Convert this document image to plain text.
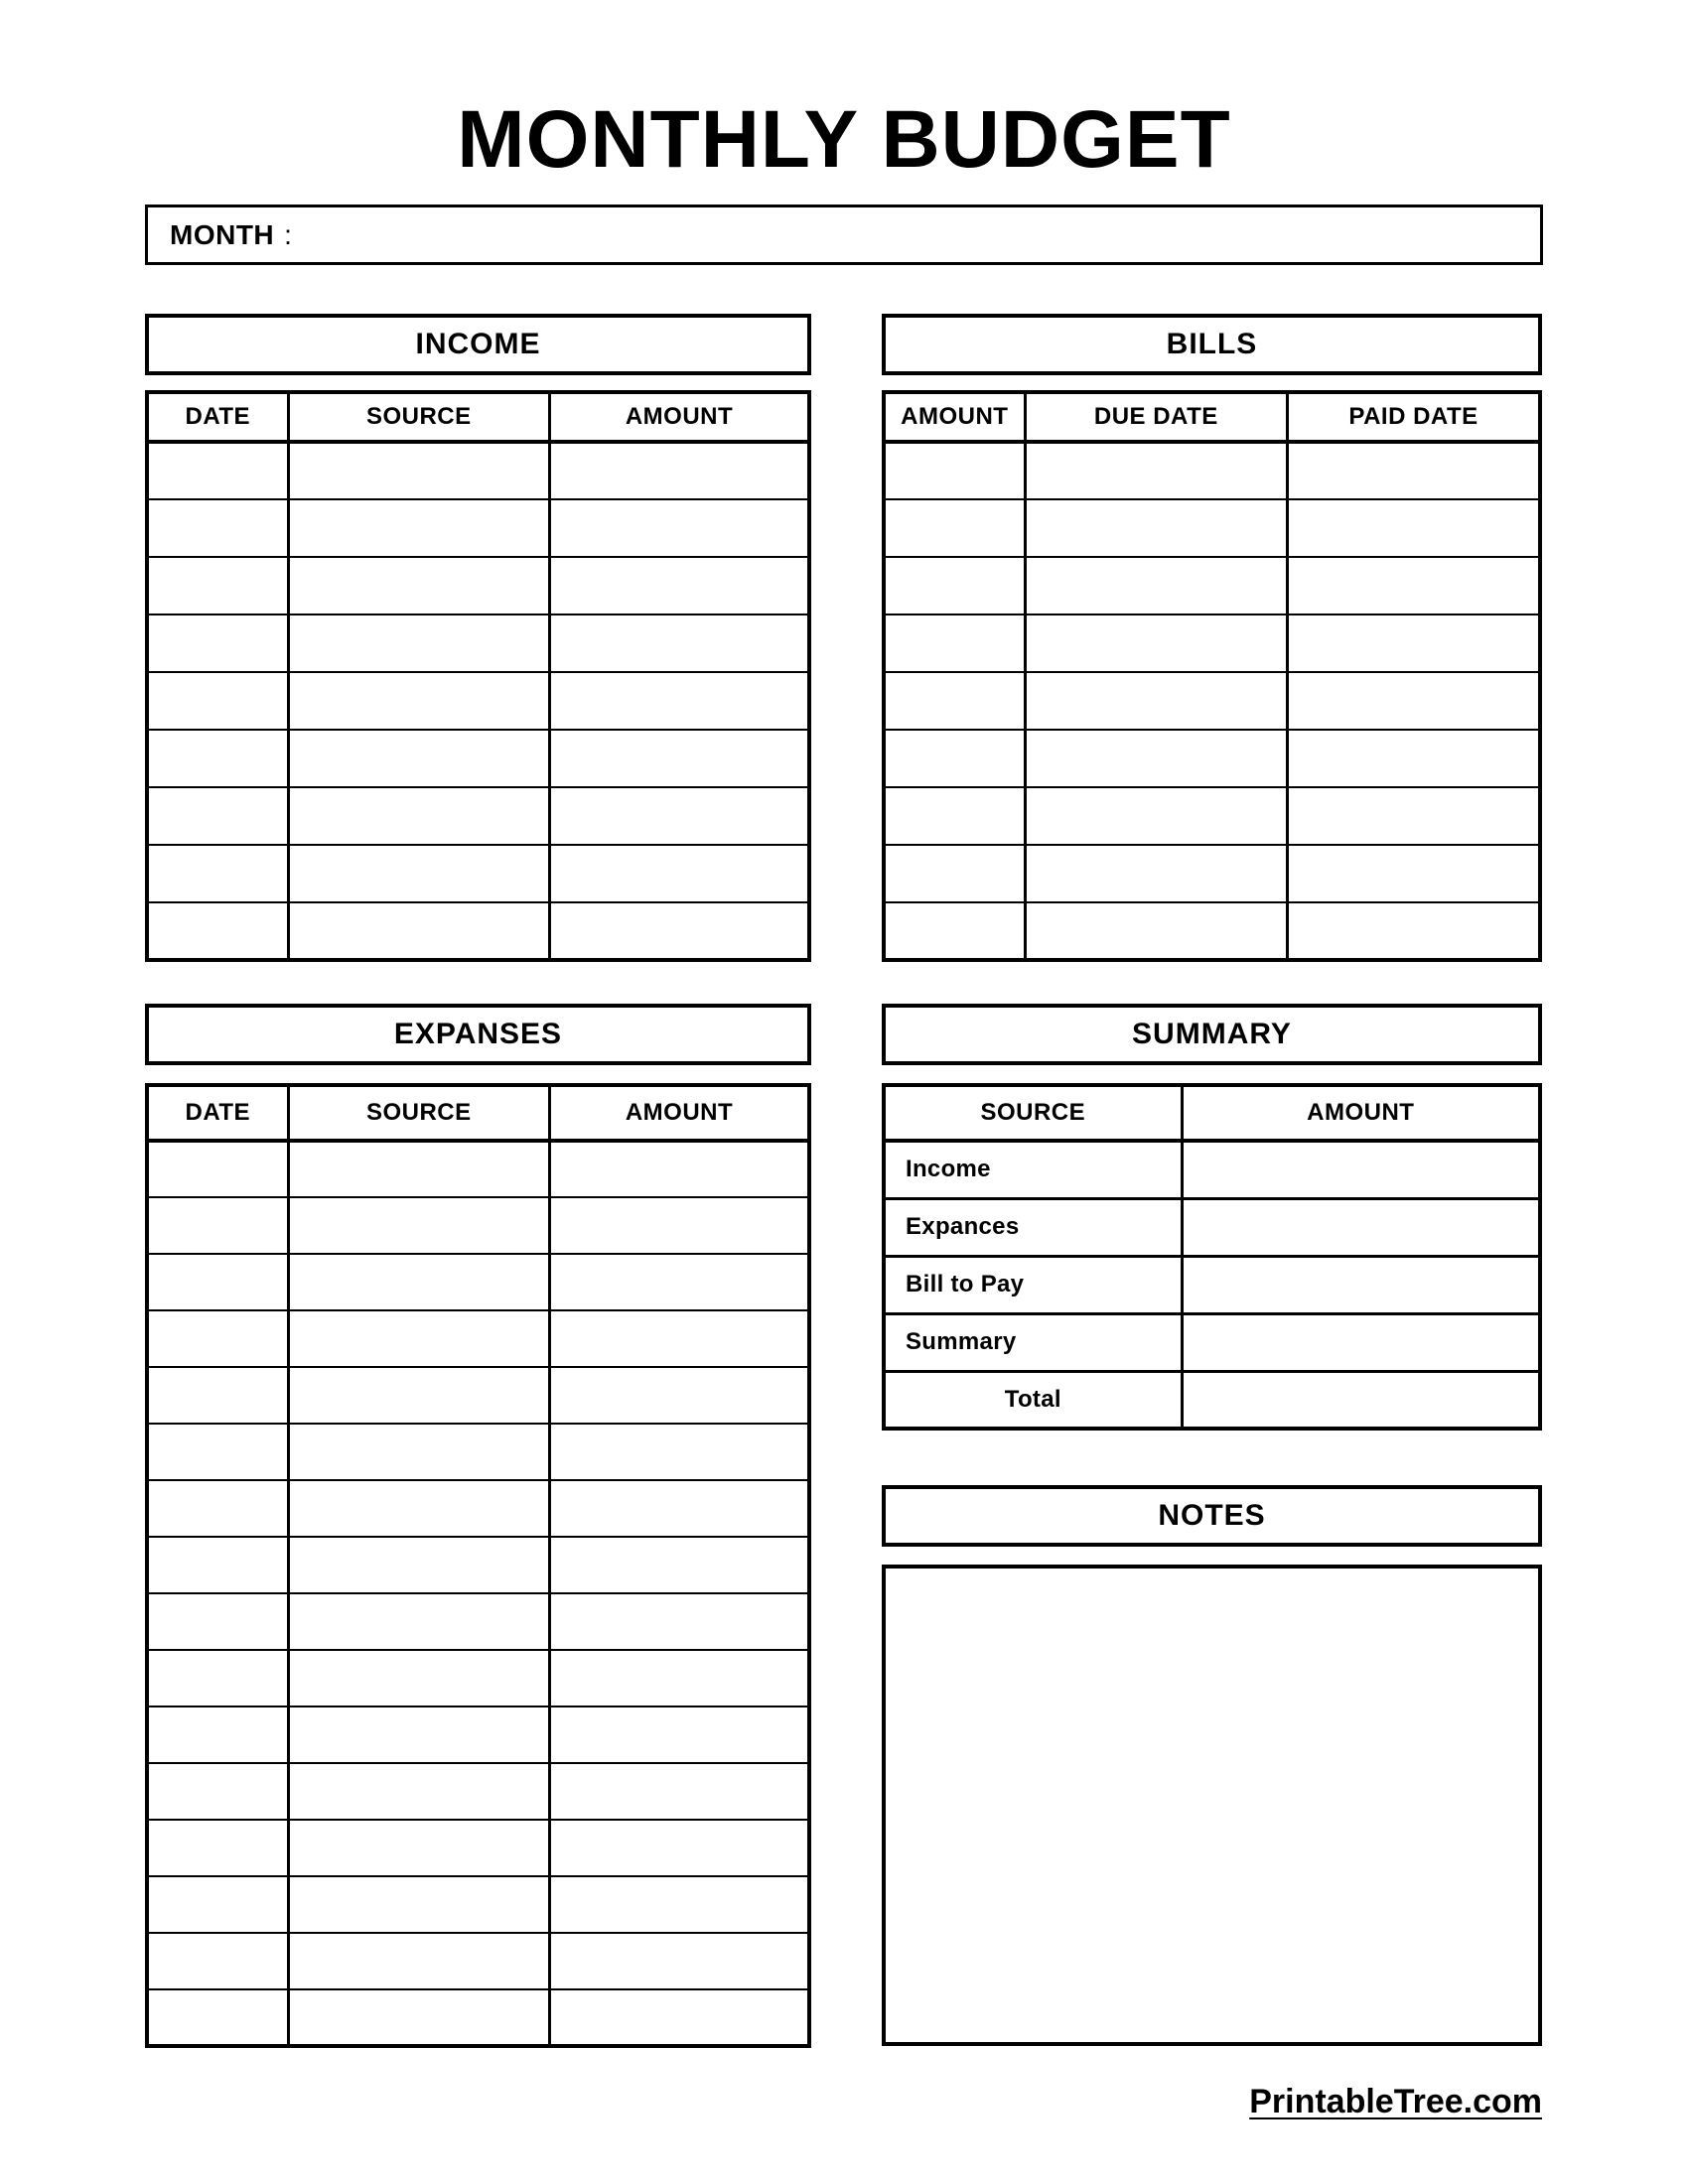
MONTHLY BUDGET
MONTH :
INCOME
DATE	SOURCE	AMOUNT

BILLS
AMOUNT	DUE DATE	PAID DATE

EXPANSES
DATE	SOURCE	AMOUNT

SUMMARY
SOURCE	AMOUNT
Income	
Expances	
Bill to Pay	
Summary	
Total	
NOTES
PrintableTree.com
